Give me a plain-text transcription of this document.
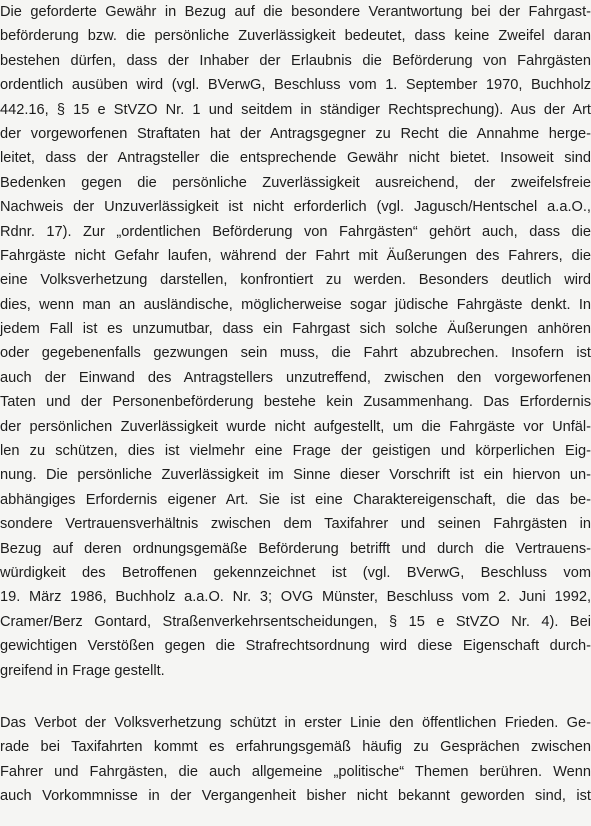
Die geforderte Gewähr in Bezug auf die besondere Verantwortung bei der Fahrgast-
beförderung bzw. die persönliche Zuverlässigkeit bedeutet, dass keine Zweifel daran
bestehen dürfen, dass der Inhaber der Erlaubnis die Beförderung von Fahrgästen
ordentlich ausüben wird (vgl. BVerwG, Beschluss vom 1. September 1970, Buchholz
442.16, § 15 e StVZO Nr. 1 und seitdem in ständiger Rechtsprechung). Aus der Art
der vorgeworfenen Straftaten hat der Antragsgegner zu Recht die Annahme herge-
leitet, dass der Antragsteller die entsprechende Gewähr nicht bietet. Insoweit sind
Bedenken gegen die persönliche Zuverlässigkeit ausreichend, der zweifelsfreie
Nachweis der Unzuverlässigkeit ist nicht erforderlich (vgl. Jagusch/Hentschel a.a.O.,
Rdnr. 17). Zur „ordentlichen Beförderung von Fahrgästen“ gehört auch, dass die
Fahrgäste nicht Gefahr laufen, während der Fahrt mit Äußerungen des Fahrers, die
eine Volksverhetzung darstellen, konfrontiert zu werden. Besonders deutlich wird
dies, wenn man an ausländische, möglicherweise sogar jüdische Fahrgäste denkt. In
jedem Fall ist es unzumutbar, dass ein Fahrgast sich solche Äußerungen anhören
oder gegebenenfalls gezwungen sein muss, die Fahrt abzubrechen. Insofern ist
auch der Einwand des Antragstellers unzutreffend, zwischen den vorgeworfenen
Taten und der Personenbeförderung bestehe kein Zusammenhang. Das Erfordernis
der persönlichen Zuverlässigkeit wurde nicht aufgestellt, um die Fahrgäste vor Unfäl-
len zu schützen, dies ist vielmehr eine Frage der geistigen und körperlichen Eig-
nung. Die persönliche Zuverlässigkeit im Sinne dieser Vorschrift ist ein hiervon un-
abhängiges Erfordernis eigener Art. Sie ist eine Charaktereigenschaft, die das be-
sondere Vertrauensverhältnis zwischen dem Taxifahrer und seinen Fahrgästen in
Bezug auf deren ordnungsgemäße Beförderung betrifft und durch die Vertrauens-
würdigkeit des Betroffenen gekennzeichnet ist (vgl. BVerwG, Beschluss vom
19. März 1986, Buchholz a.a.O. Nr. 3; OVG Münster, Beschluss vom 2. Juni 1992,
Cramer/Berz Gontard, Straßenverkehrsentscheidungen, § 15 e StVZO Nr. 4). Bei
gewichtigen Verstößen gegen die Strafrechtsordnung wird diese Eigenschaft durch-
greifend in Frage gestellt.
Das Verbot der Volksverhetzung schützt in erster Linie den öffentlichen Frieden. Ge-
rade bei Taxifahrten kommt es erfahrungsgemäß häufig zu Gesprächen zwischen
Fahrer und Fahrgästen, die auch allgemeine „politische“ Themen berühren. Wenn
auch Vorkommnisse in der Vergangenheit bisher nicht bekannt geworden sind, ist
